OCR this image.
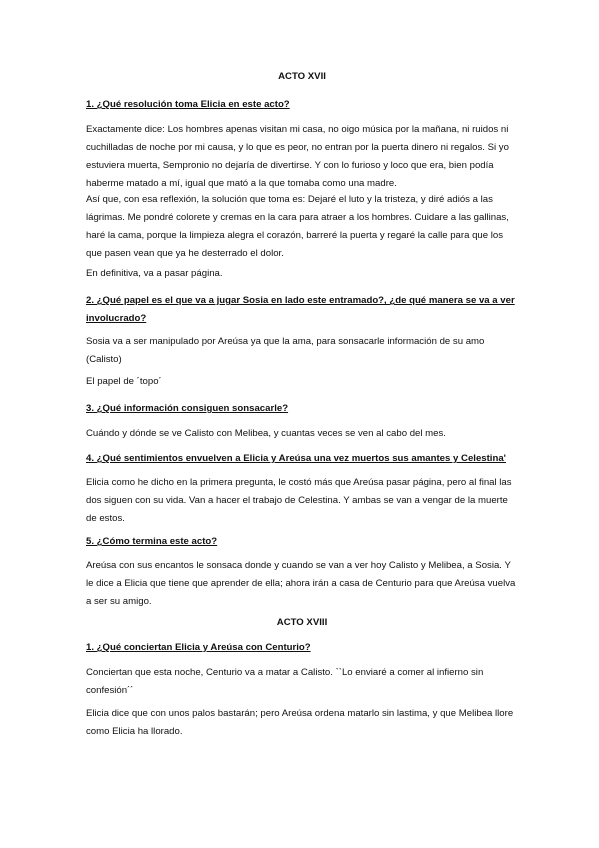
ACTO XVII

1. ¿Qué resolución toma Elicia en este acto?

Exactamente dice: Los hombres apenas visitan mi casa, no oigo música por la mañana, ni ruidos ni cuchilladas de noche por mi causa, y lo que es peor, no entran por la puerta dinero ni regalos. Si yo estuviera muerta, Sempronio no dejaría de divertirse. Y con lo furioso y loco que era, bien podía haberme matado a mí, igual que mató a la que tomaba como una madre.

Así que, con esa reflexión, la solución que toma es: Dejaré el luto y la tristeza, y diré adiós a las lágrimas. Me pondré colorete y cremas en la cara para atraer a los hombres. Cuidare a las gallinas, haré la cama, porque la limpieza alegra el corazón, barreré la puerta y regaré la calle para que los que pasen vean que ya he desterrado el dolor.

En definitiva, va a pasar página.

2. ¿Qué papel es el que va a jugar Sosia en lado este entramado?, ¿de qué manera se va a ver involucrado?

Sosia va a ser manipulado por Areúsa ya que la ama, para sonsacarle información de su amo (Calisto)

El papel de ´topo´

3. ¿Qué información consiguen sonsacarle?

Cuándo y dónde se ve Calisto con Melibea, y cuantas veces se ven al cabo del mes.

4. ¿Qué sentimientos envuelven a Elicia y Areúsa una vez muertos sus amantes y Celestina'

Elicia como he dicho en la primera pregunta, le costó más que Areúsa pasar página, pero al final las dos siguen con su vida. Van a hacer el trabajo de Celestina. Y ambas se van a vengar de la muerte de estos.

5. ¿Cómo termina este acto?

Areúsa con sus encantos le sonsaca donde y cuando se van a ver hoy Calisto y Melibea, a Sosia. Y le dice a Elicia que tiene que aprender de ella; ahora irán a casa de Centurio para que Areúsa vuelva a ser su amigo.

ACTO XVIII

1. ¿Qué conciertan Elicia y Areúsa con Centurio?

Conciertan que esta noche, Centurio va a matar a Calisto. ``Lo enviaré a comer al infierno sin confesión´´

Elicia dice que con unos palos bastarán; pero Areúsa ordena matarlo sin lastima, y que Melibea llore como Elicia ha llorado.
